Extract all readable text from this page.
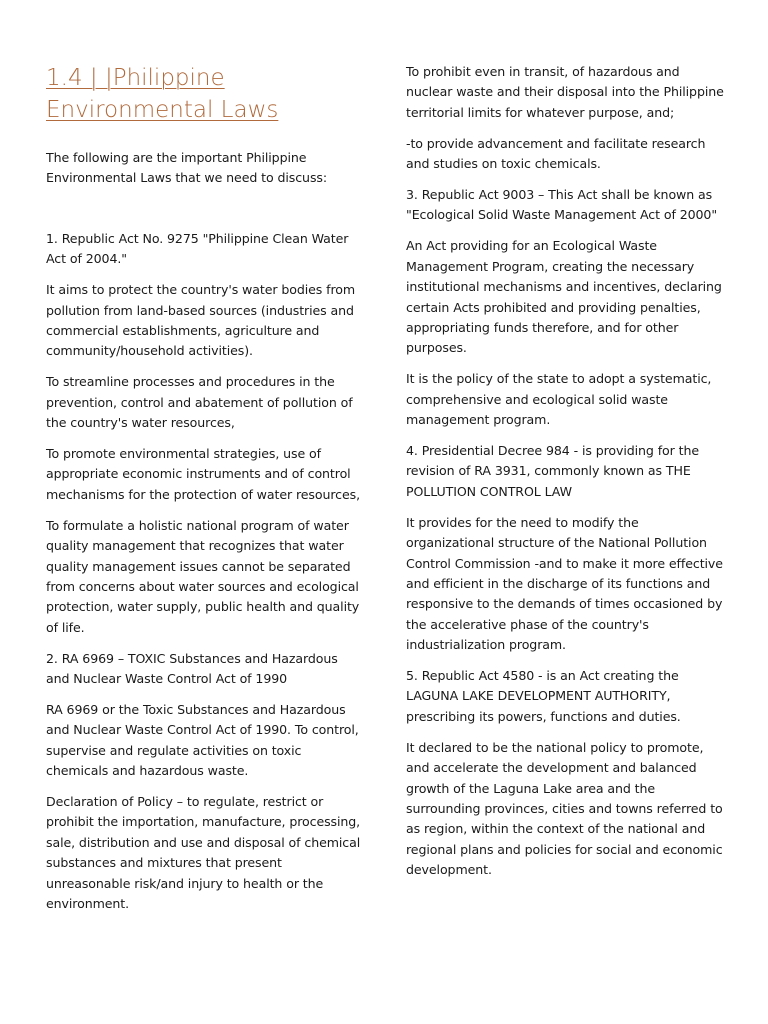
1.4 | |Philippine
Environmental Laws

The following are the important Philippine Environmental Laws that we need to discuss:

1. Republic Act No. 9275 "Philippine Clean Water Act of 2004."

It aims to protect the country's water bodies from pollution from land-based sources (industries and commercial establishments, agriculture and community/household activities).

To streamline processes and procedures in the prevention, control and abatement of pollution of the country's water resources,

To promote environmental strategies, use of appropriate economic instruments and of control mechanisms for the protection of water resources,

To formulate a holistic national program of water quality management that recognizes that water quality management issues cannot be separated from concerns about water sources and ecological protection, water supply, public health and quality of life.

2. RA 6969 – TOXIC Substances and Hazardous and Nuclear Waste Control Act of 1990

RA 6969 or the Toxic Substances and Hazardous and Nuclear Waste Control Act of 1990. To control, supervise and regulate activities on toxic chemicals and hazardous waste.

Declaration of Policy – to regulate, restrict or prohibit the importation, manufacture, processing, sale, distribution and use and disposal of chemical substances and mixtures that present unreasonable risk/and injury to health or the environment.

To prohibit even in transit, of hazardous and nuclear waste and their disposal into the Philippine territorial limits for whatever purpose, and;

-to provide advancement and facilitate research and studies on toxic chemicals.

3. Republic Act 9003 – This Act shall be known as "Ecological Solid Waste Management Act of 2000"

An Act providing for an Ecological Waste Management Program, creating the necessary institutional mechanisms and incentives, declaring certain Acts prohibited and providing penalties, appropriating funds therefore, and for other purposes.

It is the policy of the state to adopt a systematic, comprehensive and ecological solid waste management program.

4. Presidential Decree 984 - is providing for the revision of RA 3931, commonly known as THE POLLUTION CONTROL LAW

It provides for the need to modify the organizational structure of the National Pollution Control Commission -and to make it more effective and efficient in the discharge of its functions and responsive to the demands of times occasioned by the accelerative phase of the country's industrialization program.

5. Republic Act 4580 - is an Act creating the LAGUNA LAKE DEVELOPMENT AUTHORITY, prescribing its powers, functions and duties.

It declared to be the national policy to promote, and accelerate the development and balanced growth of the Laguna Lake area and the surrounding provinces, cities and towns referred to as region, within the context of the national and regional plans and policies for social and economic development.
